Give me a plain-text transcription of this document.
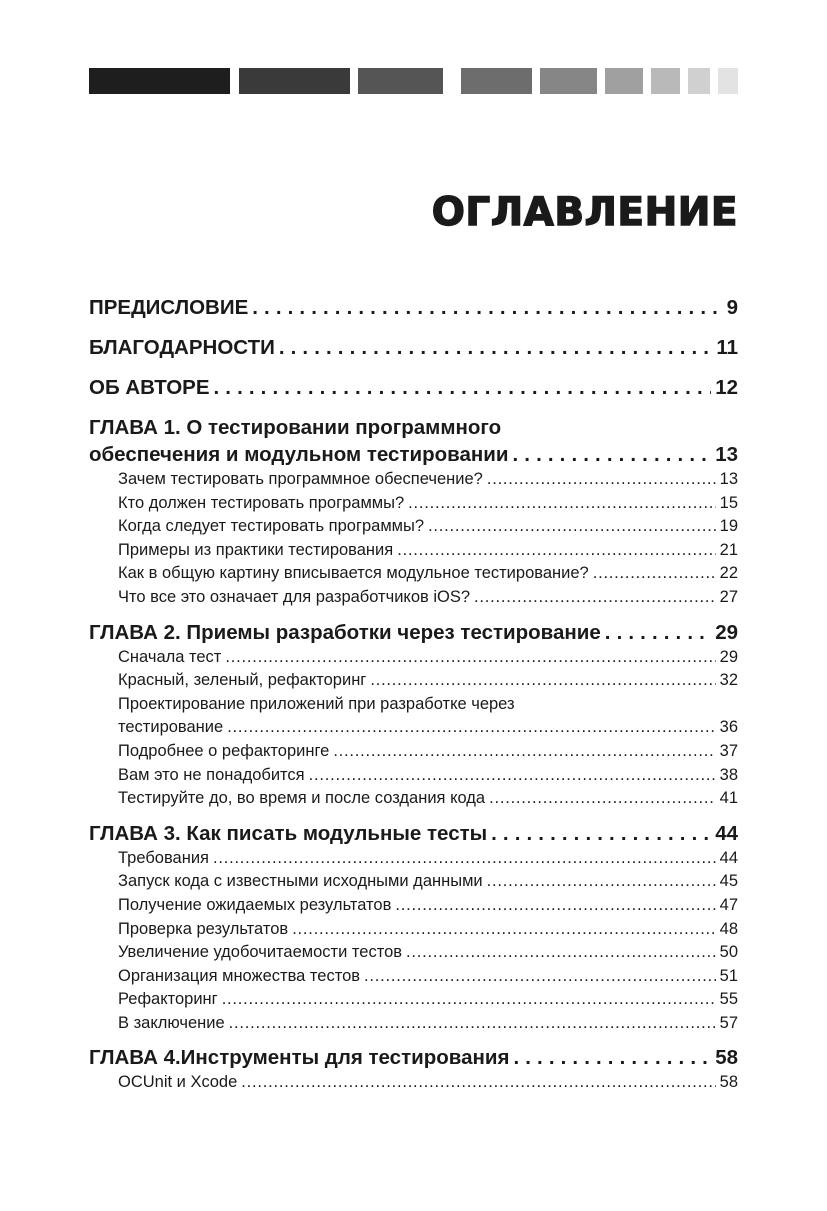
ОГЛАВЛЕНИЕ
ПРЕДИСЛОВИЕ . . .	9
БЛАГОДАРНОСТИ . . .	11
ОБ АВТОРЕ . . .	12
ГЛАВА 1. О тестировании программного
обеспечения и модульном тестировании . . .	13
Зачем тестировать программное обеспечение? . . .	13
Кто должен тестировать программы? . . .	15
Когда следует тестировать программы? . . .	19
Примеры из практики тестирования . . .	21
Как в общую картину вписывается модульное тестирование? . . .	22
Что все это означает для разработчиков iOS? . . .	27
ГЛАВА 2. Приемы разработки через тестирование . . .	29
Сначала тест . . .	29
Красный, зеленый, рефакторинг . . .	32
Проектирование приложений при разработке через
тестирование . . .	36
Подробнее о рефакторинге . . .	37
Вам это не понадобится . . .	38
Тестируйте до, во время и после создания кода . . .	41
ГЛАВА 3. Как писать модульные тесты . . .	44
Требования . . .	44
Запуск кода с известными исходными данными . . .	45
Получение ожидаемых результатов . . .	47
Проверка результатов . . .	48
Увеличение удобочитаемости тестов . . .	50
Организация множества тестов . . .	51
Рефакторинг . . .	55
В заключение . . .	57
ГЛАВА 4.Инструменты для тестирования . . .	58
OCUnit и Xcode . . .	58
